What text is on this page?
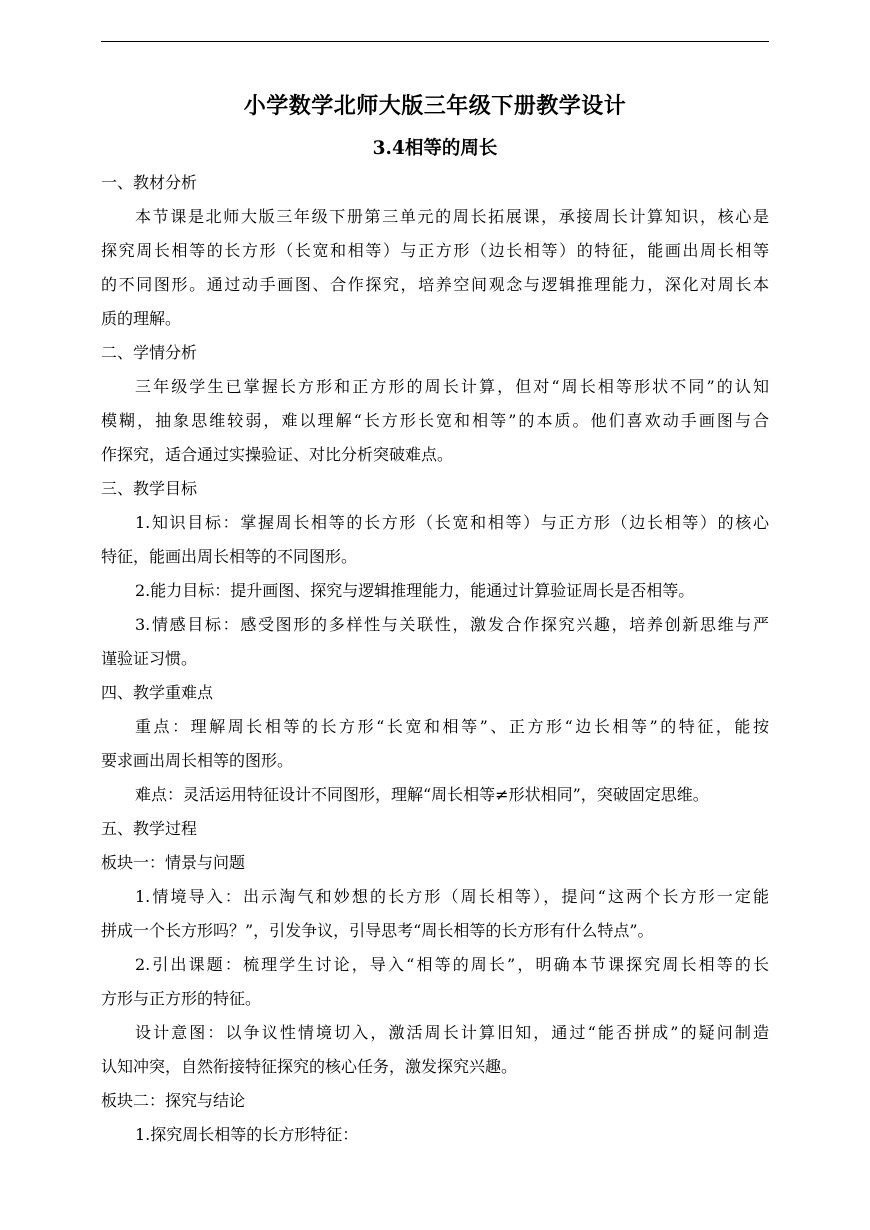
小学数学北师大版三年级下册教学设计
3.4相等的周长
一、教材分析
本节课是北师大版三年级下册第三单元的周长拓展课，承接周长计算知识，核心是
探究周长相等的长方形（长宽和相等）与正方形（边长相等）的特征，能画出周长相等
的不同图形。通过动手画图、合作探究，培养空间观念与逻辑推理能力，深化对周长本
质的理解。
二、学情分析
三年级学生已掌握长方形和正方形的周长计算，但对“周长相等形状不同”的认知
模糊，抽象思维较弱，难以理解“长方形长宽和相等”的本质。他们喜欢动手画图与合
作探究，适合通过实操验证、对比分析突破难点。
三、教学目标
1.知识目标：掌握周长相等的长方形（长宽和相等）与正方形（边长相等）的核心
特征，能画出周长相等的不同图形。
2.能力目标：提升画图、探究与逻辑推理能力，能通过计算验证周长是否相等。
3.情感目标：感受图形的多样性与关联性，激发合作探究兴趣，培养创新思维与严
谨验证习惯。
四、教学重难点
重点：理解周长相等的长方形“长宽和相等”、正方形“边长相等”的特征，能按
要求画出周长相等的图形。
难点：灵活运用特征设计不同图形，理解“周长相等≠形状相同”，突破固定思维。
五、教学过程
板块一：情景与问题
1.情境导入：出示淘气和妙想的长方形（周长相等），提问“这两个长方形一定能
拼成一个长方形吗？”，引发争议，引导思考“周长相等的长方形有什么特点”。
2.引出课题：梳理学生讨论，导入“相等的周长”，明确本节课探究周长相等的长
方形与正方形的特征。
设计意图：以争议性情境切入，激活周长计算旧知，通过“能否拼成”的疑问制造
认知冲突，自然衔接特征探究的核心任务，激发探究兴趣。
板块二：探究与结论
1.探究周长相等的长方形特征：
